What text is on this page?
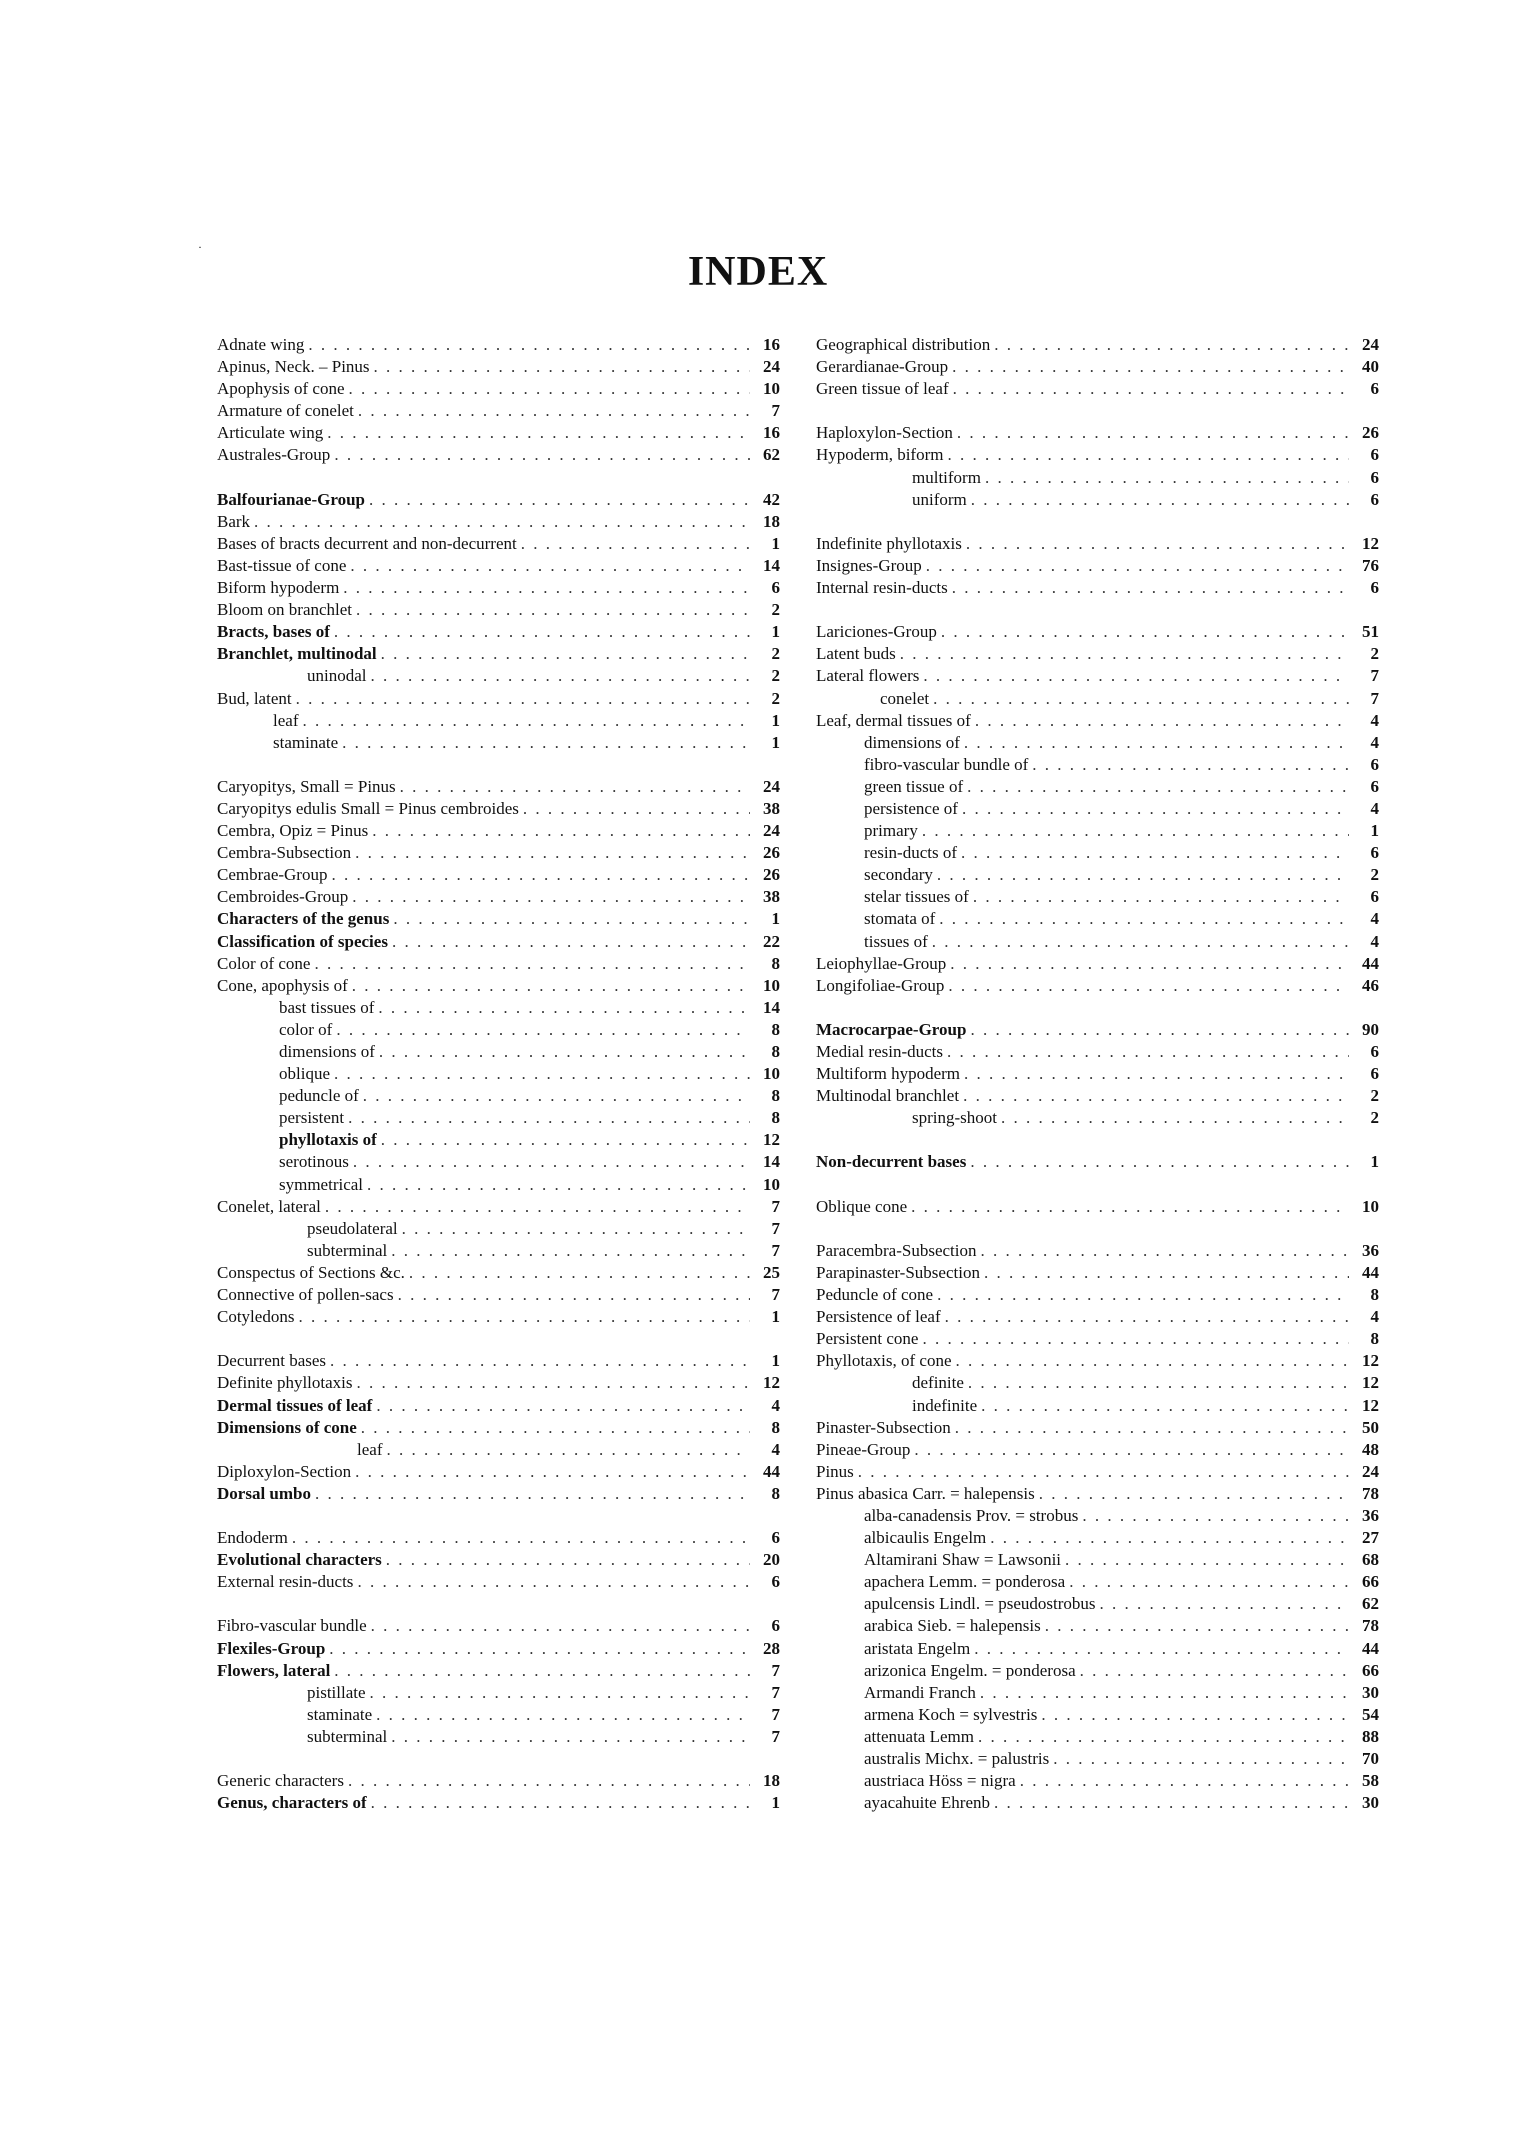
·
INDEX
Adnate wing . . .	16
Apinus, Neck. – Pinus . . .	24
Apophysis of cone . . .	10
Armature of conelet . . .	7
Articulate wing . . .	16
Australes-Group . . .	62
Balfourianae-Group . . .	42
Bark . . .	18
Bases of bracts decurrent and non-decurrent . . .	1
Bast-tissue of cone . . .	14
Biform hypoderm . . .	6
Bloom on branchlet . . .	2
Bracts, bases of . . .	1
Branchlet, multinodal . . .	2
uninodal . . .	2
Bud, latent . . .	2
leaf . . .	1
staminate . . .	1
Caryopitys, Small = Pinus . . .	24
Caryopitys edulis Small = Pinus cembroides . . .	38
Cembra, Opiz = Pinus . . .	24
Cembra-Subsection . . .	26
Cembrae-Group . . .	26
Cembroides-Group . . .	38
Characters of the genus . . .	1
Classification of species . . .	22
Color of cone . . .	8
Cone, apophysis of . . .	10
bast tissues of . . .	14
color of . . .	8
dimensions of . . .	8
oblique . . .	10
peduncle of . . .	8
persistent . . .	8
phyllotaxis of . . .	12
serotinous . . .	14
symmetrical . . .	10
Conelet, lateral . . .	7
pseudolateral . . .	7
subterminal . . .	7
Conspectus of Sections &c. . . .	25
Connective of pollen-sacs . . .	7
Cotyledons . . .	1
Decurrent bases . . .	1
Definite phyllotaxis . . .	12
Dermal tissues of leaf . . .	4
Dimensions of cone . . .	8
leaf . . .	4
Diploxylon-Section . . .	44
Dorsal umbo . . .	8
Endoderm . . .	6
Evolutional characters . . .	20
External resin-ducts . . .	6
Fibro-vascular bundle . . .	6
Flexiles-Group . . .	28
Flowers, lateral . . .	7
pistillate . . .	7
staminate . . .	7
subterminal . . .	7
Generic characters . . .	18
Genus, characters of . . .	1
Geographical distribution . . .	24
Gerardianae-Group . . .	40
Green tissue of leaf . . .	6
Haploxylon-Section . . .	26
Hypoderm, biform . . .	6
multiform . . .	6
uniform . . .	6
Indefinite phyllotaxis . . .	12
Insignes-Group . . .	76
Internal resin-ducts . . .	6
Lariciones-Group . . .	51
Latent buds . . .	2
Lateral flowers . . .	7
conelet . . .	7
Leaf, dermal tissues of . . .	4
dimensions of . . .	4
fibro-vascular bundle of . . .	6
green tissue of . . .	6
persistence of . . .	4
primary . . .	1
resin-ducts of . . .	6
secondary . . .	2
stelar tissues of . . .	6
stomata of . . .	4
tissues of . . .	4
Leiophyllae-Group . . .	44
Longifoliae-Group . . .	46
Macrocarpae-Group . . .	90
Medial resin-ducts . . .	6
Multiform hypoderm . . .	6
Multinodal branchlet . . .	2
spring-shoot . . .	2
Non-decurrent bases . . .	1
Oblique cone . . .	10
Paracembra-Subsection . . .	36
Parapinaster-Subsection . . .	44
Peduncle of cone . . .	8
Persistence of leaf . . .	4
Persistent cone . . .	8
Phyllotaxis, of cone . . .	12
definite . . .	12
indefinite . . .	12
Pinaster-Subsection . . .	50
Pineae-Group . . .	48
Pinus . . .	24
Pinus abasica Carr. = halepensis . . .	78
alba-canadensis Prov. = strobus . . .	36
albicaulis Engelm . . .	27
Altamirani Shaw = Lawsonii . . .	68
apachera Lemm. = ponderosa . . .	66
apulcensis Lindl. = pseudostrobus . . .	62
arabica Sieb. = halepensis . . .	78
aristata Engelm . . .	44
arizonica Engelm. = ponderosa . . .	66
Armandi Franch . . .	30
armena Koch = sylvestris . . .	54
attenuata Lemm . . .	88
australis Michx. = palustris . . .	70
austriaca Höss = nigra . . .	58
ayacahuite Ehrenb . . .	30
